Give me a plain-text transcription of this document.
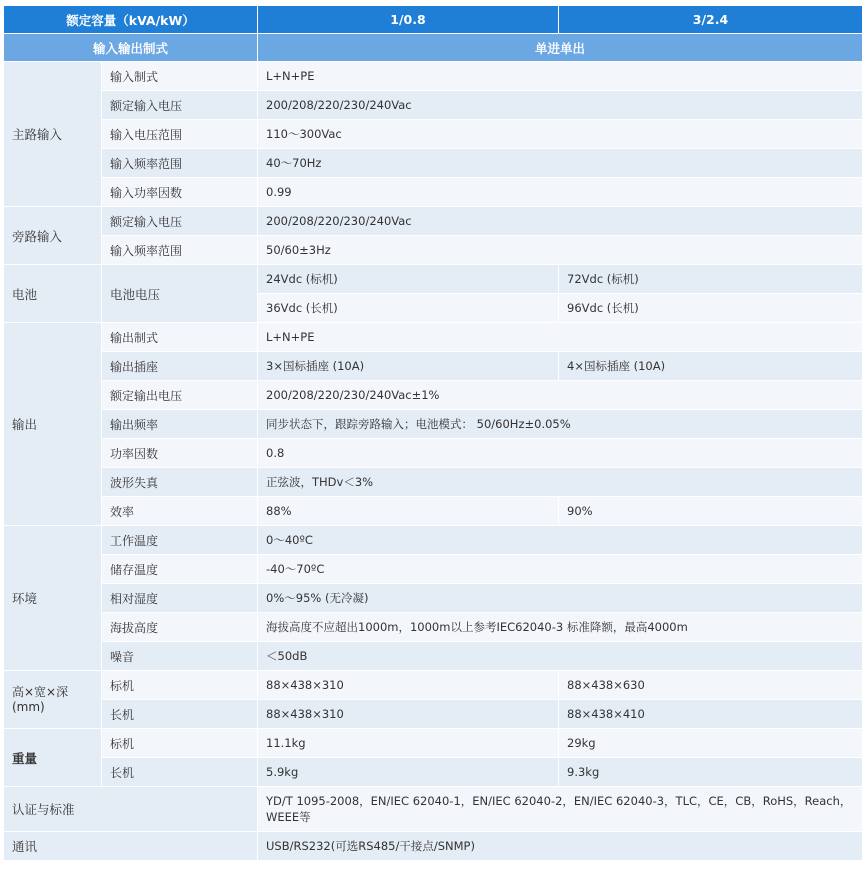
额定容量（kVA/kW）		1/0.8	3/2.4
输入输出制式		单进单出	
主路输入	输入制式	L+N+PE	
	额定输入电压	200/208/220/230/240Vac	
	输入电压范围	110～300Vac	
	输入频率范围	40～70Hz	
	输入功率因数	0.99	
旁路输入	额定输入电压	200/208/220/230/240Vac	
	输入频率范围	50/60±3Hz	
电池	电池电压	24Vdc (标机)	72Vdc (标机)
		36Vdc (长机)	96Vdc (长机)
输出	输出制式	L+N+PE	
	输出插座	3×国标插座 (10A)	4×国标插座 (10A)
	额定输出电压	200/208/220/230/240Vac±1%	
	输出频率	同步状态下，跟踪旁路输入；电池模式： 50/60Hz±0.05%	
	功率因数	0.8	
	波形失真	正弦波，THDv＜3%	
	效率	88%	90%
环境	工作温度	0～40ºC	
	储存温度	-40～70ºC	
	相对湿度	0%～95% (无冷凝)	
	海拔高度	海拔高度不应超出1000m，1000m以上参考IEC62040-3 标准降额，最高4000m	
	噪音	＜50dB	
高×宽×深 (mm)	标机	88×438×310	88×438×630
	长机	88×438×310	88×438×410
重量	标机	11.1kg	29kg
	长机	5.9kg	9.3kg
认证与标准		YD/T 1095-2008，EN/IEC 62040-1，EN/IEC 62040-2，EN/IEC 62040-3，TLC，CE，CB，RoHS，Reach，WEEE等	
通讯		USB/RS232(可选RS485/干接点/SNMP)	
